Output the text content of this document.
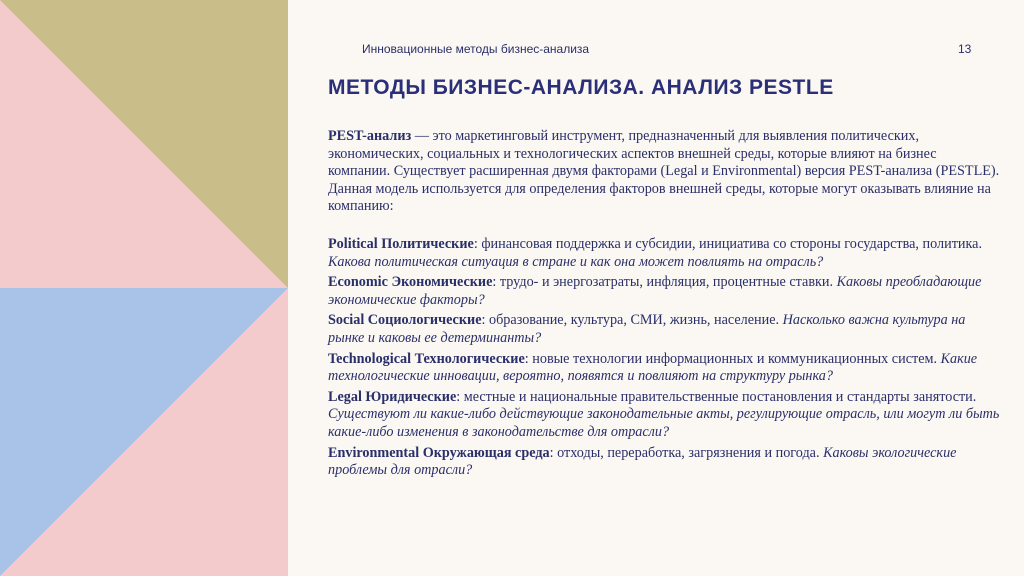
Инновационные методы бизнес-анализа	13
МЕТОДЫ БИЗНЕС-АНАЛИЗА. АНАЛИЗ PESTLE

PEST-анализ — это маркетинговый инструмент, предназначенный для выявления политических, экономических, социальных и технологических аспектов внешней среды, которые влияют на бизнес компании. Существует расширенная двумя факторами (Legal и Environmental) версия PEST-анализа (PESTLE). Данная модель используется для определения факторов внешней среды, которые могут оказывать влияние на компанию:

Political Политические: финансовая поддержка и субсидии, инициатива со стороны государства, политика. Какова политическая ситуация в стране и как она может повлиять на отрасль?

Economic Экономические: трудо- и энергозатраты, инфляция, процентные ставки. Каковы преобладающие экономические факторы?

Social Социологические: образование, культура, СМИ, жизнь, население. Насколько важна культура на рынке и каковы ее детерминанты?

Technological Технологические: новые технологии информационных и коммуникационных систем. Какие технологические инновации, вероятно, появятся и повлияют на структуру рынка?

Legal Юридические: местные и национальные правительственные постановления и стандарты занятости. Существуют ли какие-либо действующие законодательные акты, регулирующие отрасль, или могут ли быть какие-либо изменения в законодательстве для отрасли?

Environmental Окружающая среда: отходы, переработка, загрязнения и погода. Каковы экологические проблемы для отрасли?
